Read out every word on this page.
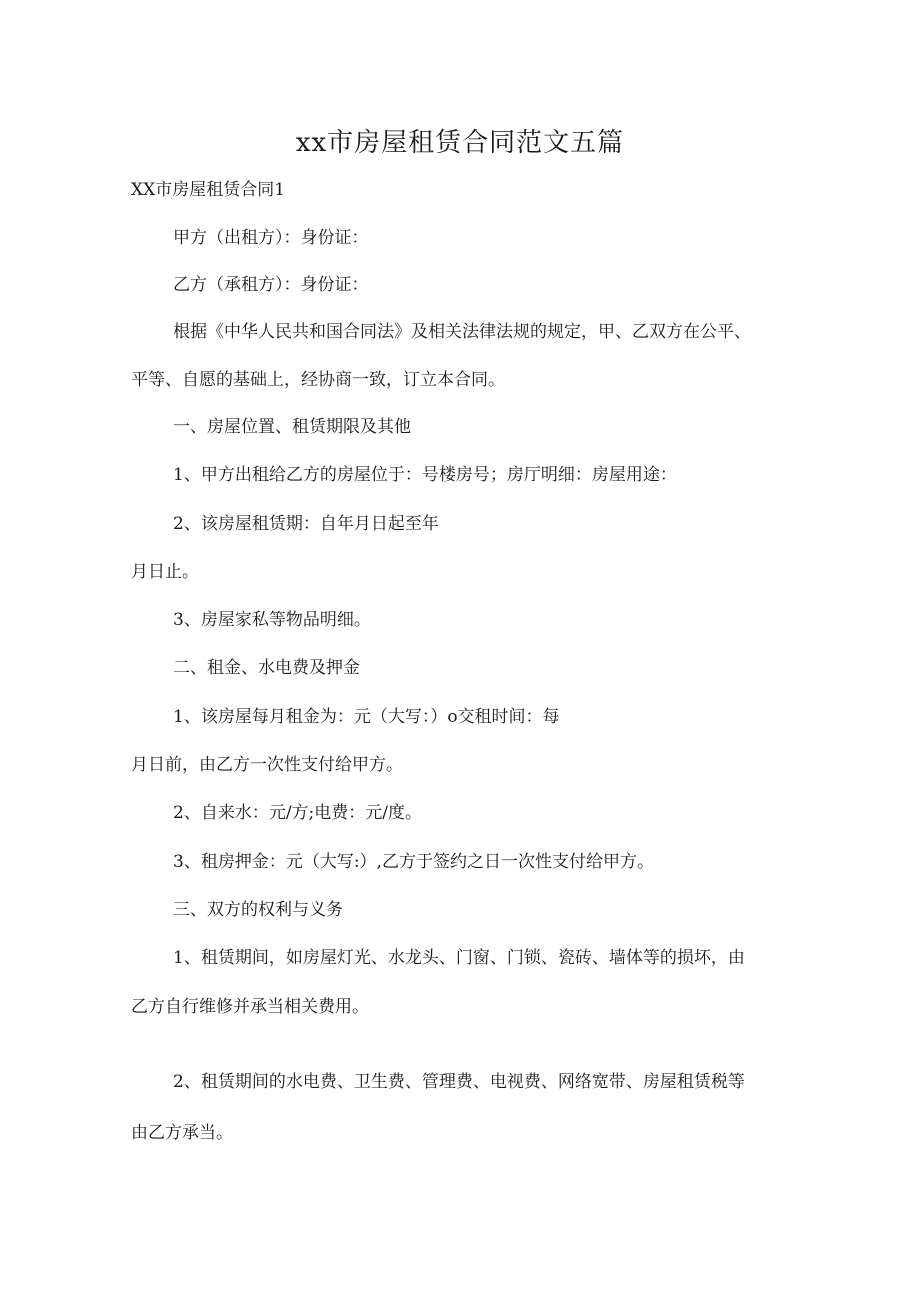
xx市房屋租赁合同范文五篇

XX市房屋租赁合同1

甲方（出租方）：身份证：

乙方（承租方）：身份证：

根据《中华人民共和国合同法》及相关法律法规的规定，甲、乙双方在公平、

平等、自愿的基础上，经协商一致，订立本合同。

一、房屋位置、租赁期限及其他

1、甲方出租给乙方的房屋位于：号楼房号；房厅明细：房屋用途：

2、该房屋租赁期：自年月日起至年

月日止。

3、房屋家私等物品明细。

二、租金、水电费及押金

1、该房屋每月租金为：元（大写：）o交租时间：每

月日前，由乙方一次性支付给甲方。

2、自来水：元/方;电费：元/度。

3、租房押金：元（大写:）,乙方于签约之日一次性支付给甲方。

三、双方的权利与义务

1、租赁期间，如房屋灯光、水龙头、门窗、门锁、瓷砖、墙体等的损坏，由

乙方自行维修并承当相关费用。

2、租赁期间的水电费、卫生费、管理费、电视费、网络宽带、房屋租赁税等

由乙方承当。
